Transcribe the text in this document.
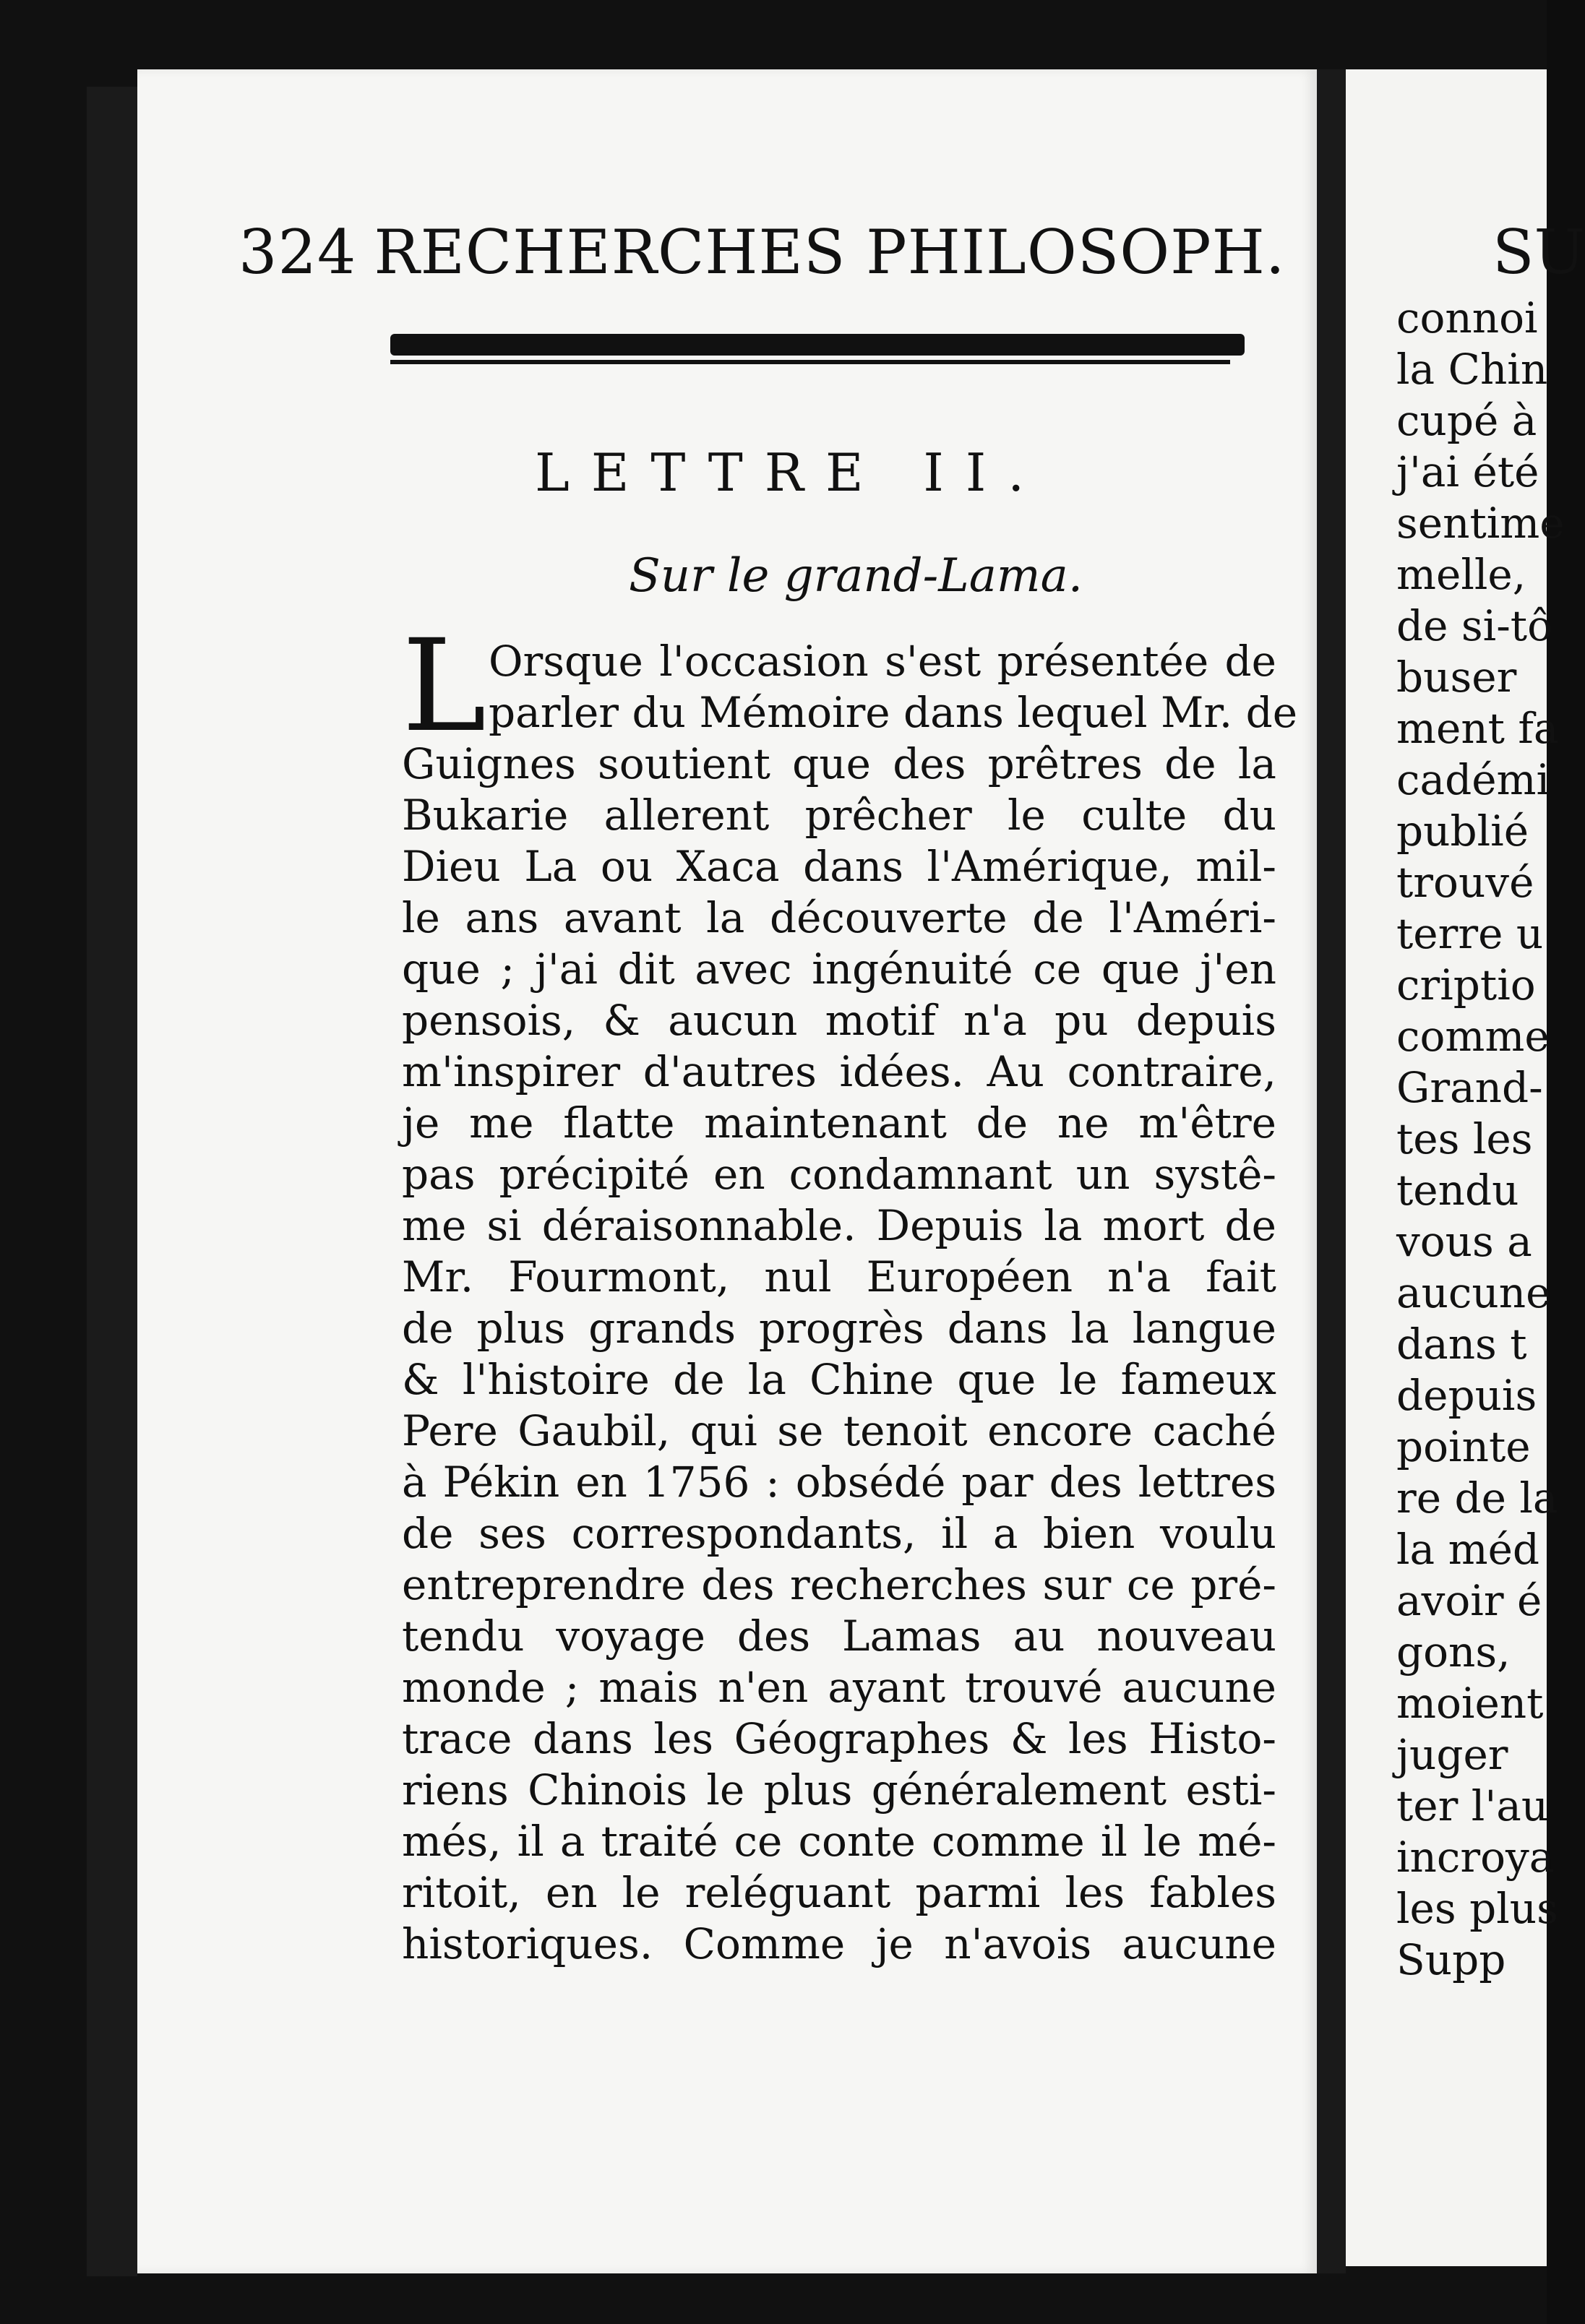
324 RECHERCHES PHILOSOPH.
LETTRE II.
Sur le grand-Lama.
L Orsque l'occasion s'est présentée de
parler du Mémoire dans lequel Mr. de
Guignes soutient que des prêtres de la
Bukarie allerent prêcher le culte du
Dieu La ou Xaca dans l'Amérique, mil-
le ans avant la découverte de l'Améri-
que ; j'ai dit avec ingénuité ce que j'en
pensois, & aucun motif n'a pu depuis
m'inspirer d'autres idées. Au contraire,
je me flatte maintenant de ne m'être
pas précipité en condamnant un systê-
me si déraisonnable. Depuis la mort de
Mr. Fourmont, nul Européen n'a fait
de plus grands progrès dans la langue
& l'histoire de la Chine que le fameux
Pere Gaubil, qui se tenoit encore caché
à Pékin en 1756 : obsédé par des lettres
de ses correspondants, il a bien voulu
entreprendre des recherches sur ce pré-
tendu voyage des Lamas au nouveau
monde ; mais n'en ayant trouvé aucune
trace dans les Géographes & les Histo-
riens Chinois le plus généralement esti-
més, il a traité ce conte comme il le mé-
ritoit, en le reléguant parmi les fables
historiques. Comme je n'avois aucune
SU
connoi
la Chin
cupé à
j'ai été
sentime
melle,
de si-tô
buser
ment fa
cadémi
publié
trouvé
terre u
criptio
comme
Grand-
tes les
tendu
vous a
aucune
dans t
depuis
pointe
re de la
la méd
avoir é
gons,
moient
juger
ter l'au
incroya
les plus
Supp
